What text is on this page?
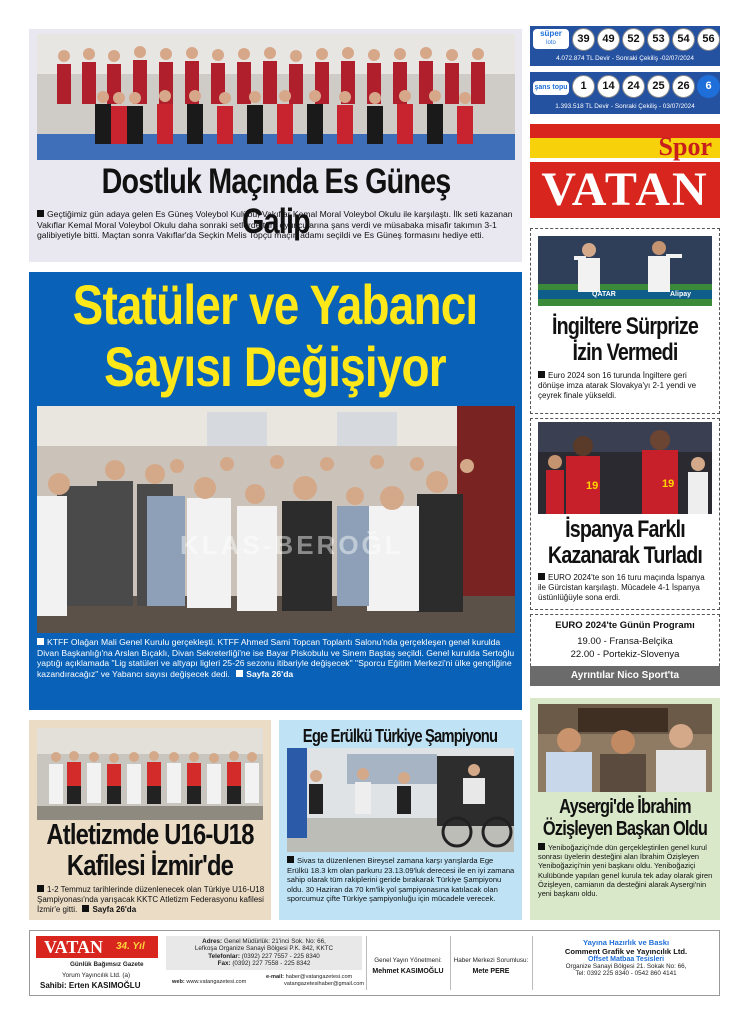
Dostluk Maçında Es Güneş Galip
Geçtiğimiz gün adaya gelen Es Güneş Voleybol Kulübü, Vakıflar Kemal Moral Voleybol Okulu ile karşılaştı. İlk seti kazanan Vakıflar Kemal Moral Voleybol Okulu daha sonraki setlerde tüm oyuncularına şans verdi ve müsabaka misafir takımın 3-1 galibiyetiyle bitti. Maçtan sonra Vakıflar'da Seçkin Melis Topçu maçın adamı seçildi ve Es Güneş formasını hediye etti.
süper
loto	39 49 52 53 54 56
4.072.874 TL Devir - Sonraki Çekiliş -02/07/2024
şans topu	1 14 24 25 26 6
1.393.518 TL Devir - Sonraki Çekiliş - 03/07/2024
Spor
VATAN
Statüler ve Yabancı
Sayısı Değişiyor
KLAS-BEROĞL
KTFF Olağan Mali Genel Kurulu gerçekleşti. KTFF Ahmed Sami Topcan Toplantı Salonu'nda gerçekleşen genel kurulda Divan Başkanlığı'na Arslan Bıçaklı, Divan Sekreterliği'ne ise Bayar Piskobulu ve Sinem Baştaş seçildi. Genel kurulda Sertoğlu yaptığı açıklamada "Lig statüleri ve altyapı ligleri 25-26 sezonu itibariyle değişecek" "Sporcu Eğitim Merkezi'ni ülke gençliğine kazandıracağız" ve Yabancı sayısı değişecek dedi. Sayfa 26'da
QATAR	Alipay
İngiltere Sürprize
İzin Vermedi
Euro 2024 son 16 turunda İngiltere geri dönüşe imza atarak Slovakya'yı 2-1 yendi ve çeyrek finale yükseldi.
19	19
İspanya Farklı
Kazanarak Turladı
EURO 2024'te son 16 turu maçında İspanya ile Gürcistan karşılaştı. Mücadele 4-1 İspanya üstünlüğüyle sona erdi.
EURO 2024'te Günün Programı
19.00 - Fransa-Belçika
22.00 - Portekiz-Slovenya
Ayrıntılar Nico Sport'ta
Atletizmde U16-U18
Kafilesi İzmir'de
1-2 Temmuz tarihlerinde düzenlenecek olan Türkiye U16-U18 Şampiyonası'nda yarışacak KKTC Atletizm Federasyonu kafilesi İzmir'e gitti. Sayfa 26'da
Ege Erülkü Türkiye Şampiyonu
Sivas ta düzenlenen Bireysel zamana karşı yarışlarda Ege Erülkü 18.3 km olan parkuru 23.13.09'luk derecesi ile en iyi zamana sahip olarak tüm rakiplerini geride bırakarak Türkiye Şampiyonu oldu. 30 Haziran da 70 km'lik yol şampiyonasına katılacak olan sporcumuz çifte Türkiye şampiyonluğu için mücadele verecek.
Aysergi'de İbrahim
Özişleyen Başkan Oldu
Yeniboğaziçi'nde dün gerçekleştirilen genel kurul sonrası üyelerin desteğini alan İbrahim Özişleyen Yeniboğaziçi'nin yeni başkanı oldu. Yeniboğaziçi Kulübünde yapılan genel kurula tek aday olarak giren Özişleyen, camianın da desteğini alarak Aysergi'nin yeni başkanı oldu.
VATAN 34. Yıl
Günlük Bağımsız Gazete
Yorum Yayıncılık Ltd. (a)
Sahibi: Erten KASIMOĞLU
Adres: Genel Müdürlük: 21'inci Sok. No: 66,
Lefkoşa Organize Sanayi Bölgesi P.K. 842, KKTC
Telefonlar: (0392) 227 7557 - 225 8340
Fax: (0392) 227 7558 - 225 8342
web: www.vatangazetesi.com
e-mail: haber@vatangazetesi.com
vatangazetesihaber@gmail.com
Genel Yayın Yönetmeni:
Mehmet KASIMOĞLU
Haber Merkezi Sorumlusu:
Mete PERE
Yayına Hazırlık ve Baskı
Comment Grafik ve Yayıncılık Ltd.
Offset Matbaa Tesisleri
Organize Sanayi Bölgesi 21. Sokak No: 66,
Tel: 0392 225 8340 - 0542 860 4141
